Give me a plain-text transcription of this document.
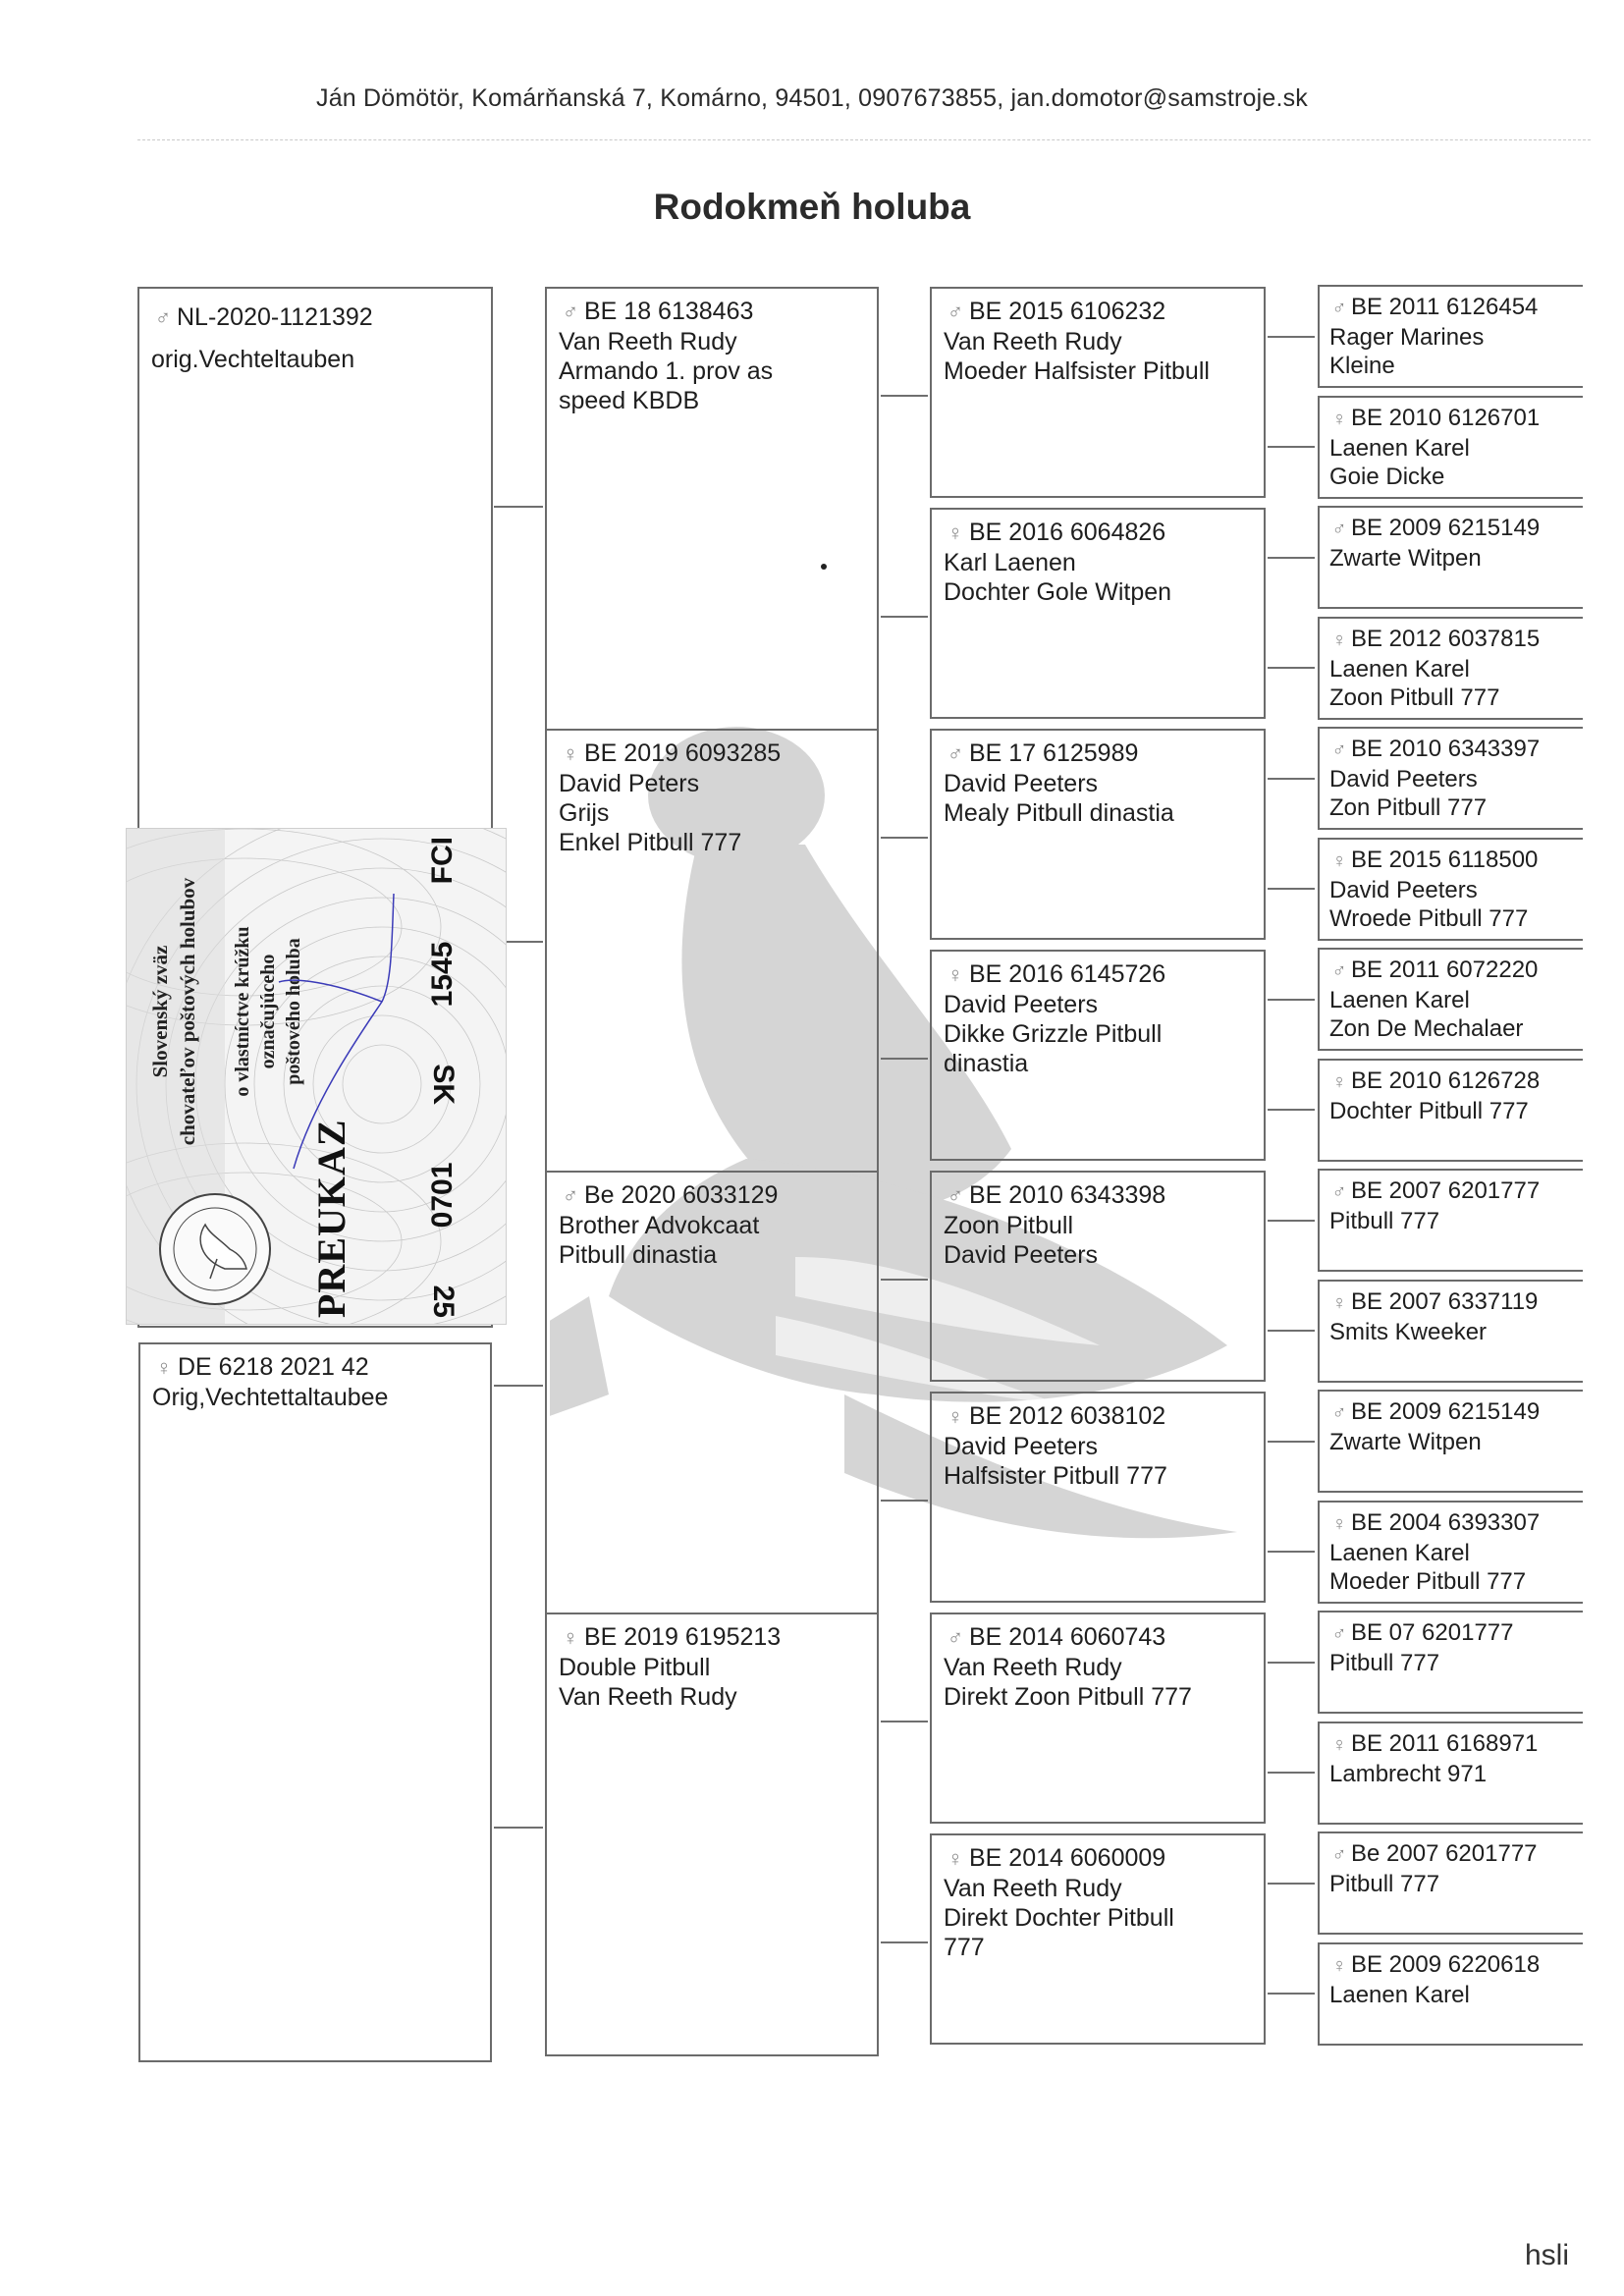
Ján Dömötör, Komárňanská 7, Komárno, 94501, 0907673855, jan.domotor@samstroje.sk
Rodokmeň holuba
♂ NL-2020-1121392
orig.Vechteltauben
♀ DE 6218 2021 42
Orig,Vechtettaltaubee
♂ BE 18 6138463
Van Reeth Rudy
Armando 1. prov as
speed KBDB
♀ BE 2019 6093285
David Peters
Grijs
Enkel Pitbull 777
♂ Be 2020 6033129
Brother Advokcaat
Pitbull dinastia
♀ BE 2019 6195213
Double Pitbull
Van Reeth Rudy
♂ BE 2015 6106232
Van Reeth Rudy
Moeder Halfsister Pitbull
♀ BE 2016 6064826
Karl Laenen
Dochter Gole Witpen
♂ BE 17 6125989
David Peeters
Mealy Pitbull dinastia
♀ BE 2016 6145726
David Peeters
Dikke Grizzle Pitbull
dinastia
♂ BE 2010 6343398
Zoon Pitbull
David Peeters
♀ BE 2012 6038102
David Peeters
Halfsister Pitbull 777
♂ BE 2014 6060743
Van Reeth Rudy
Direkt Zoon Pitbull 777
♀ BE 2014 6060009
Van Reeth Rudy
Direkt Dochter Pitbull
777
♂ BE 2011 6126454
Rager Marines
Kleine
♀ BE 2010 6126701
Laenen Karel
Goie Dicke
♂ BE 2009 6215149
Zwarte Witpen
♀ BE 2012 6037815
Laenen Karel
Zoon Pitbull 777
♂ BE 2010 6343397
David Peeters
Zon Pitbull 777
♀ BE 2015 6118500
David Peeters
Wroede Pitbull 777
♂ BE 2011 6072220
Laenen Karel
Zon De Mechalaer
♀ BE 2010 6126728
Dochter Pitbull 777
♂ BE 2007 6201777
Pitbull 777
♀ BE 2007 6337119
Smits Kweeker
♂ BE 2009 6215149
Zwarte Witpen
♀ BE 2004 6393307
Laenen Karel
Moeder Pitbull 777
♂ BE 07 6201777
Pitbull 777
♀ BE 2011 6168971
Lambrecht 971
♂ Be 2007 6201777
Pitbull 777
♀ BE 2009 6220618
Laenen Karel
Slovenský zväz chovateľov poštových holubov o vlastníctve krúžku označujúceho poštového holuba
PREUKAZ	25
0701
SK
1545
FCI
hsli
